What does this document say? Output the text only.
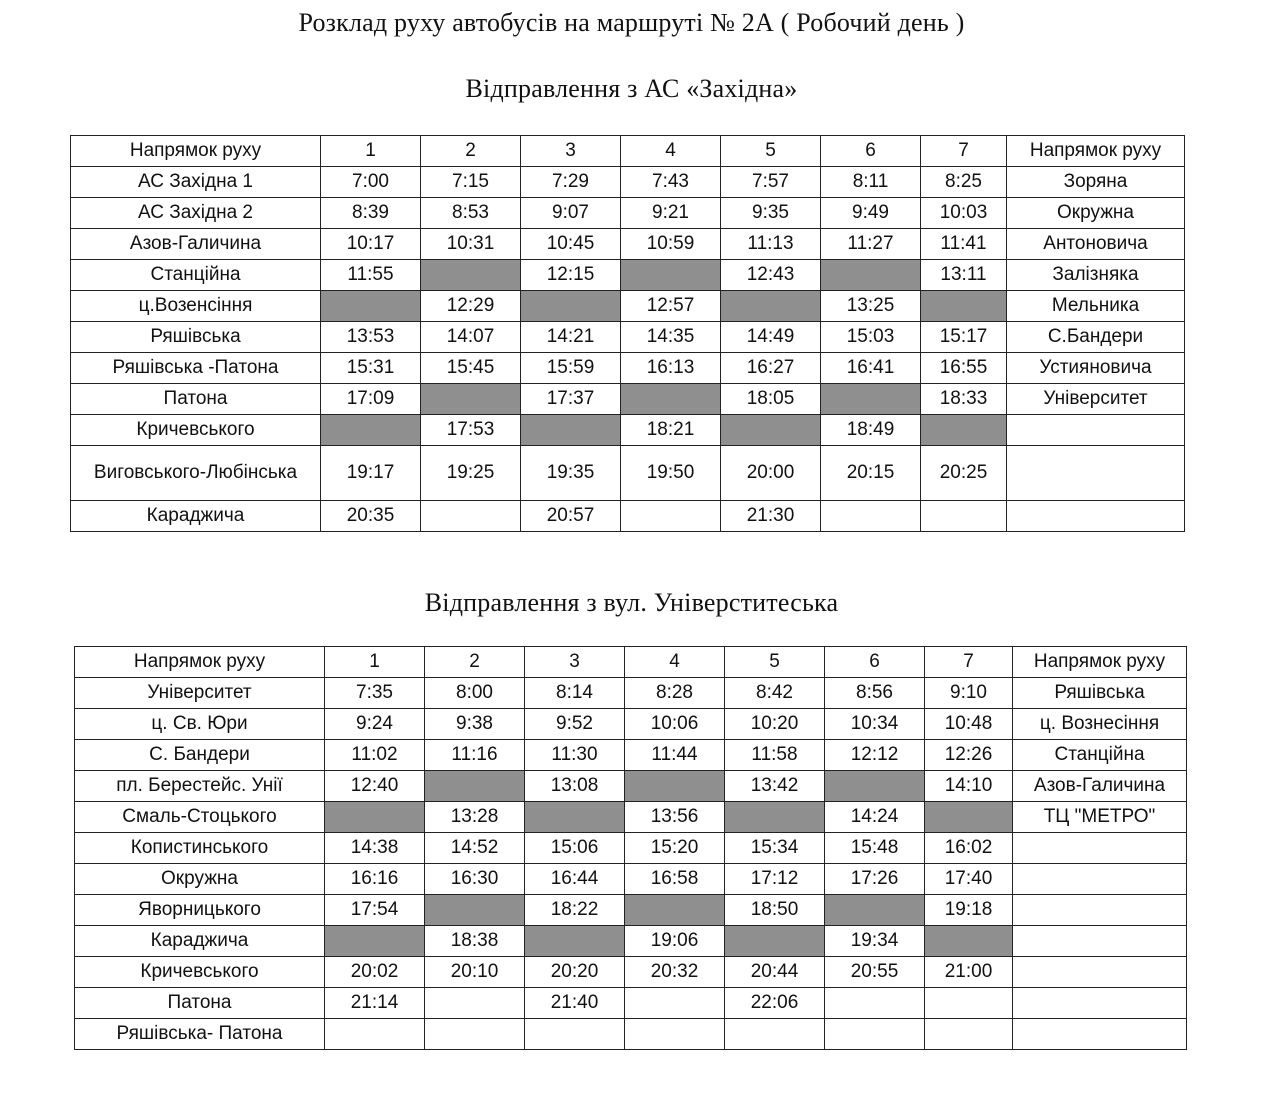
Розклад руху автобусів на маршруті № 2А ( Робочий день )
Відправлення з АС «Західна»
Напрямок руху	1	2	3	4	5	6	7	Напрямок руху
АС Західна 1	7:00	7:15	7:29	7:43	7:57	8:11	8:25	Зоряна
АС Західна 2	8:39	8:53	9:07	9:21	9:35	9:49	10:03	Окружна
Азов-Галичина	10:17	10:31	10:45	10:59	11:13	11:27	11:41	Антоновича
Станційна	11:55		12:15		12:43		13:11	Залізняка
ц.Возенсіння		12:29		12:57		13:25		Мельника
Ряшівська	13:53	14:07	14:21	14:35	14:49	15:03	15:17	С.Бандери
Ряшівська -Патона	15:31	15:45	15:59	16:13	16:27	16:41	16:55	Устияновича
Патона	17:09		17:37		18:05		18:33	Університет
Кричевського		17:53		18:21		18:49		
Виговського-Любінська	19:17	19:25	19:35	19:50	20:00	20:15	20:25	
Караджича	20:35		20:57		21:30			
Відправлення з вул. Універститеська
Напрямок руху	1	2	3	4	5	6	7	Напрямок руху
Університет	7:35	8:00	8:14	8:28	8:42	8:56	9:10	Ряшівська
ц. Св. Юри	9:24	9:38	9:52	10:06	10:20	10:34	10:48	ц. Вознесіння
С. Бандери	11:02	11:16	11:30	11:44	11:58	12:12	12:26	Станційна
пл. Берестейс. Унії	12:40		13:08		13:42		14:10	Азов-Галичина
Смаль-Стоцького		13:28		13:56		14:24		ТЦ "МЕТРО"
Копистинського	14:38	14:52	15:06	15:20	15:34	15:48	16:02	
Окружна	16:16	16:30	16:44	16:58	17:12	17:26	17:40	
Яворницького	17:54		18:22		18:50		19:18	
Караджича		18:38		19:06		19:34		
Кричевського	20:02	20:10	20:20	20:32	20:44	20:55	21:00	
Патона	21:14		21:40		22:06			
Ряшівська- Патона								
